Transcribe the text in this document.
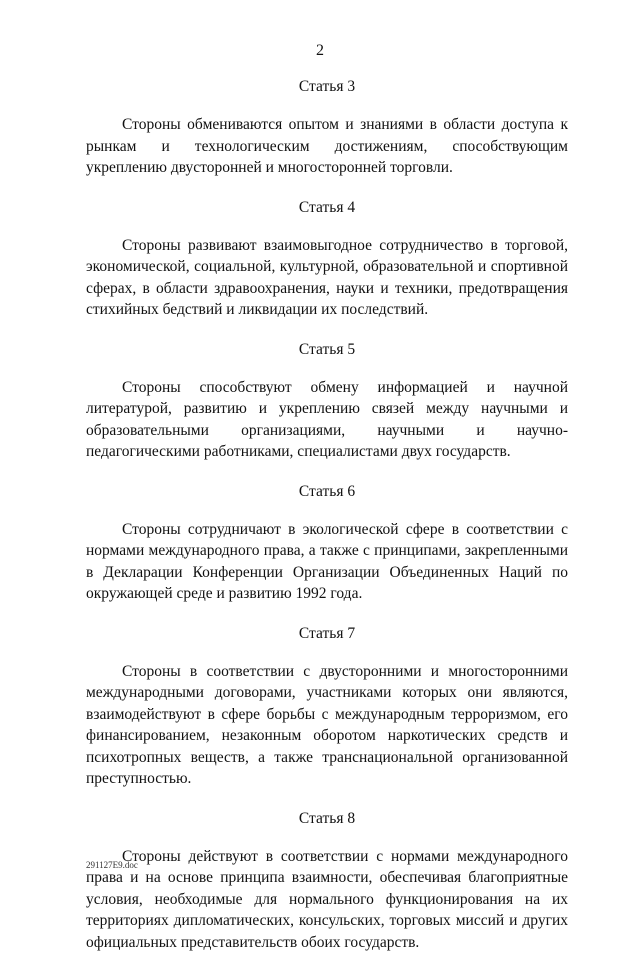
2
Статья 3

Стороны обмениваются опытом и знаниями в области доступа к рынкам и технологическим достижениям, способствующим укреплению двусторонней и многосторонней торговли.

Статья 4

Стороны развивают взаимовыгодное сотрудничество в торговой, экономической, социальной, культурной, образовательной и спортивной сферах, в области здравоохранения, науки и техники, предотвращения стихийных бедствий и ликвидации их последствий.

Статья 5

Стороны способствуют обмену информацией и научной литературой, развитию и укреплению связей между научными и образовательными организациями, научными и научно-педагогическими работниками, специалистами двух государств.

Статья 6

Стороны сотрудничают в экологической сфере в соответствии с нормами международного права, а также с принципами, закрепленными в Декларации Конференции Организации Объединенных Наций по окружающей среде и развитию 1992 года.

Статья 7

Стороны в соответствии с двусторонними и многосторонними международными договорами, участниками которых они являются, взаимодействуют в сфере борьбы с международным терроризмом, его финансированием, незаконным оборотом наркотических средств и психотропных веществ, а также транснациональной организованной преступностью.

Статья 8

Стороны действуют в соответствии с нормами международного права и на основе принципа взаимности, обеспечивая благоприятные условия, необходимые для нормального функционирования на их территориях дипломатических, консульских, торговых миссий и других официальных представительств обоих государств.

291127E9.doc
